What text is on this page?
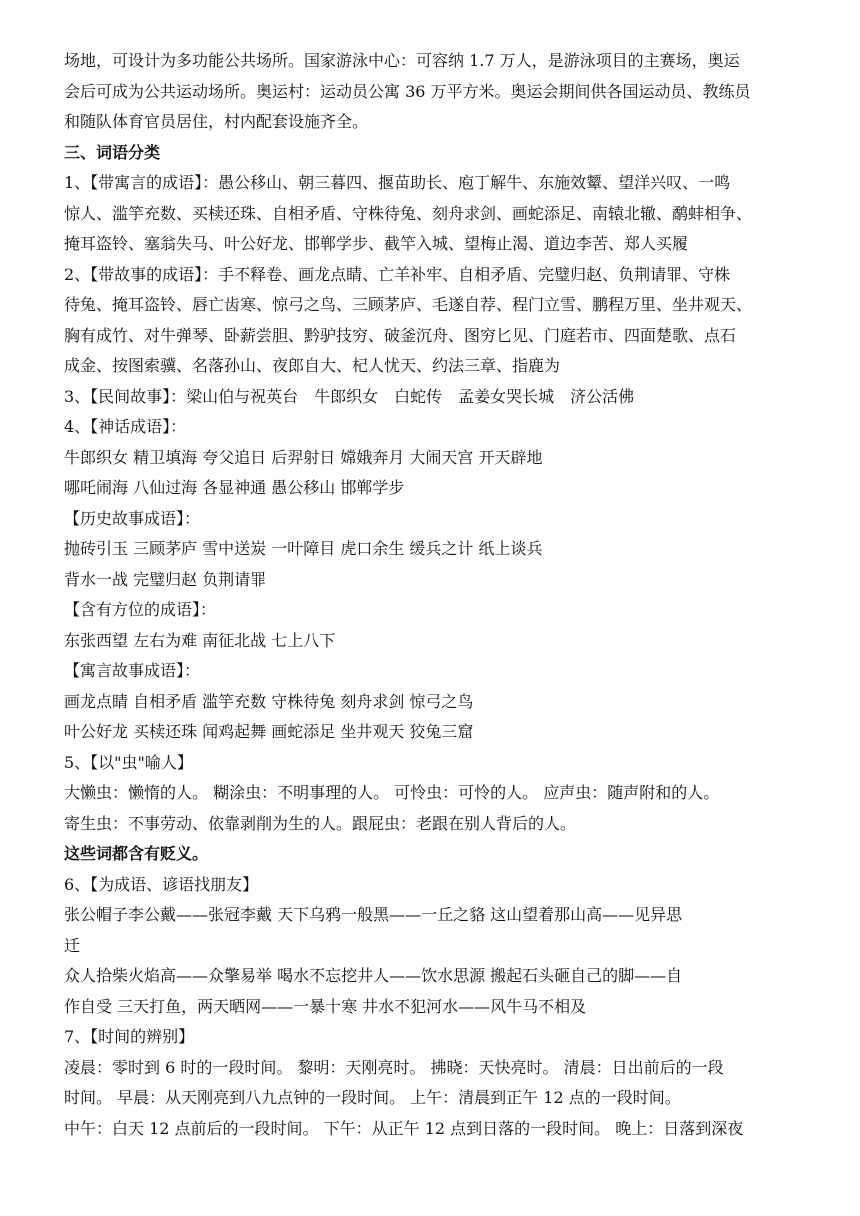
场地，可设计为多功能公共场所。国家游泳中心：可容纳 1.7 万人，是游泳项目的主赛场，奥运
会后可成为公共运动场所。奥运村：运动员公寓 36 万平方米。奥运会期间供各国运动员、教练员
和随队体育官员居住，村内配套设施齐全。
三、词语分类
1、【带寓言的成语】：愚公移山、朝三暮四、揠苗助长、庖丁解牛、东施效颦、望洋兴叹、一鸣
惊人、滥竽充数、买椟还珠、自相矛盾、守株待兔、刻舟求剑、画蛇添足、南辕北辙、鹬蚌相争、
掩耳盗铃、塞翁失马、叶公好龙、邯郸学步、截竿入城、望梅止渴、道边李苦、郑人买履
2、【带故事的成语】：手不释卷、画龙点睛、亡羊补牢、自相矛盾、完璧归赵、负荆请罪、守株
待兔、掩耳盗铃、唇亡齿寒、惊弓之鸟、三顾茅庐、毛遂自荐、程门立雪、鹏程万里、坐井观天、
胸有成竹、对牛弹琴、卧薪尝胆、黔驴技穷、破釜沉舟、图穷匕见、门庭若市、四面楚歌、点石
成金、按图索骥、名落孙山、夜郎自大、杞人忧天、约法三章、指鹿为
3、【民间故事】：梁山伯与祝英台　牛郎织女　白蛇传　孟姜女哭长城　济公活佛
4、【神话成语】：
牛郎织女 精卫填海 夸父追日 后羿射日 嫦娥奔月 大闹天宫 开天辟地
哪吒闹海 八仙过海 各显神通 愚公移山 邯郸学步
【历史故事成语】：
抛砖引玉 三顾茅庐 雪中送炭 一叶障目 虎口余生 缓兵之计 纸上谈兵
背水一战 完璧归赵 负荆请罪
【含有方位的成语】：
东张西望 左右为难 南征北战 七上八下
【寓言故事成语】：
画龙点睛 自相矛盾 滥竽充数 守株待兔 刻舟求剑 惊弓之鸟
叶公好龙 买椟还珠 闻鸡起舞 画蛇添足 坐井观天 狡兔三窟
5、【以"虫"喻人】
大懒虫：懒惰的人。 糊涂虫：不明事理的人。 可怜虫：可怜的人。 应声虫：随声附和的人。
寄生虫：不事劳动、依靠剥削为生的人。跟屁虫：老跟在别人背后的人。
这些词都含有贬义。
6、【为成语、谚语找朋友】
张公帽子李公戴——张冠李戴 天下乌鸦一般黑——一丘之貉 这山望着那山高——见异思
迁
众人拾柴火焰高——众擎易举 喝水不忘挖井人——饮水思源 搬起石头砸自己的脚——自
作自受 三天打鱼，两天晒网——一暴十寒 井水不犯河水——风牛马不相及
7、【时间的辨别】
凌晨：零时到 6 时的一段时间。 黎明：天刚亮时。 拂晓：天快亮时。 清晨：日出前后的一段
时间。 早晨：从天刚亮到八九点钟的一段时间。 上午：清晨到正午 12 点的一段时间。
中午：白天 12 点前后的一段时间。 下午：从正午 12 点到日落的一段时间。 晚上：日落到深夜
